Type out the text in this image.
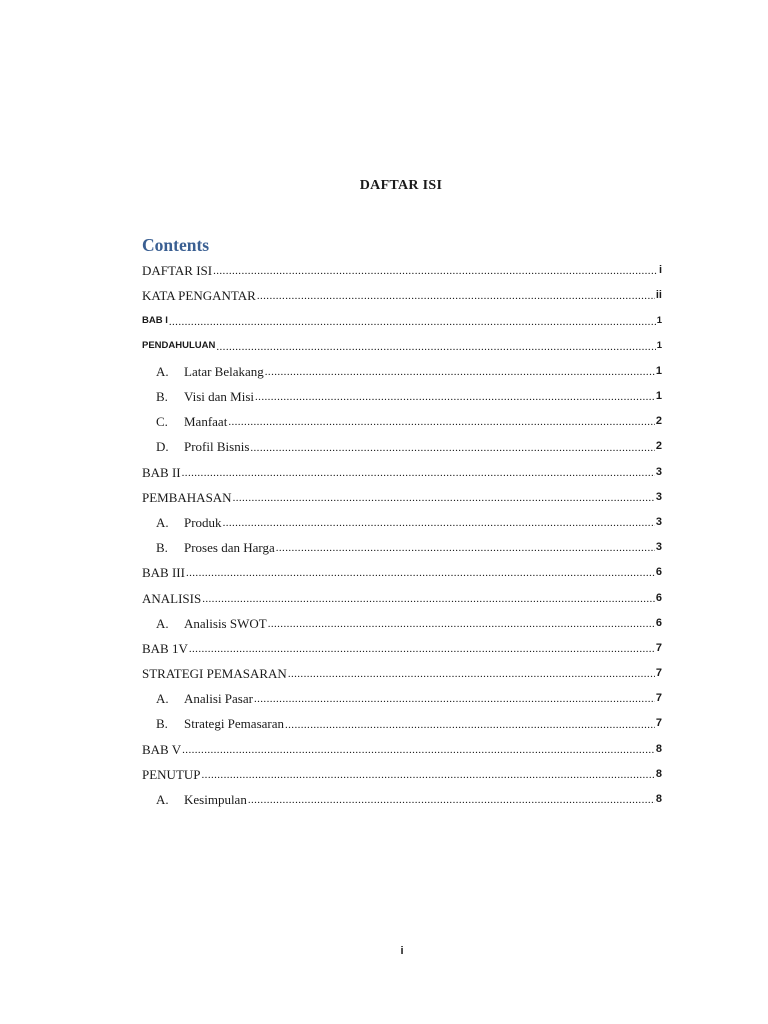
DAFTAR ISI
Contents
DAFTAR ISI .....	i
KATA PENGANTAR .....	ii
BAB I .....	1
PENDAHULUAN .....	1
A.	Latar Belakang .....	1
B.	Visi dan Misi .....	1
C.	Manfaat .....	2
D.	Profil Bisnis .....	2
BAB II .....	3
PEMBAHASAN .....	3
A.	Produk .....	3
B.	Proses dan Harga .....	3
BAB III .....	6
ANALISIS .....	6
A.	Analisis SWOT .....	6
BAB 1V .....	7
STRATEGI PEMASARAN .....	7
A.	Analisi Pasar .....	7
B.	Strategi Pemasaran .....	7
BAB V .....	8
PENUTUP .....	8
A.	Kesimpulan .....	8
i
